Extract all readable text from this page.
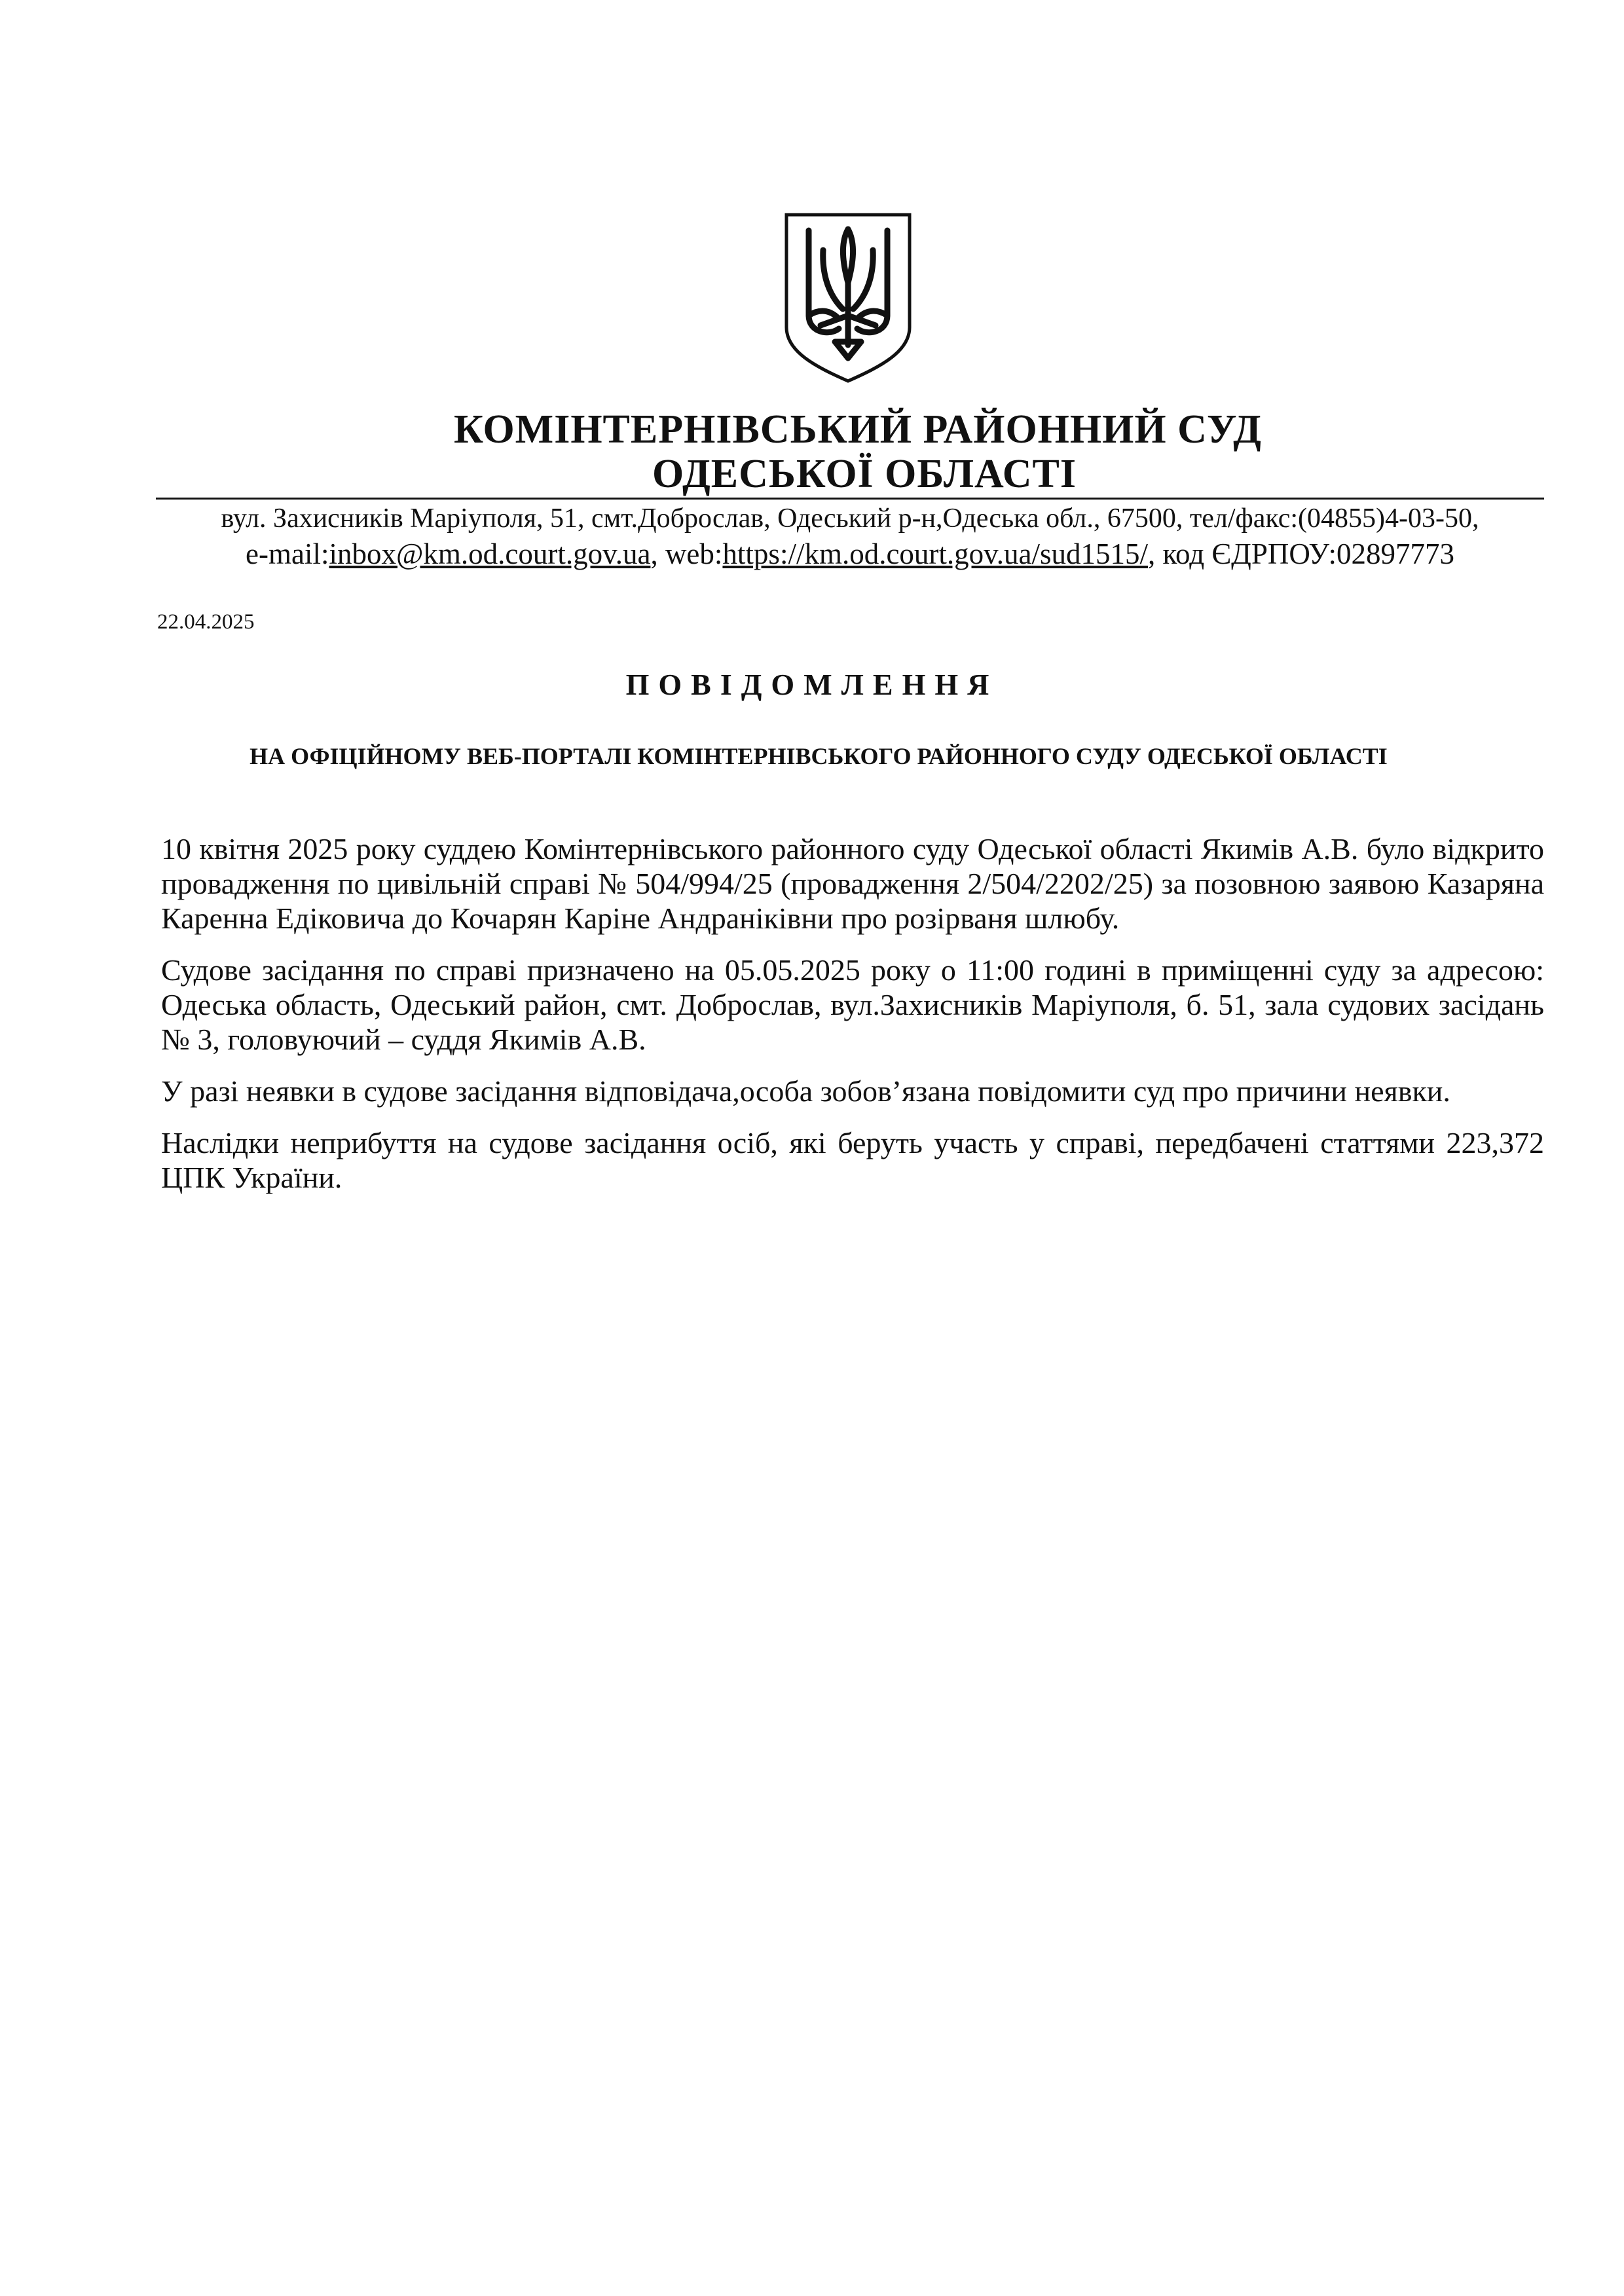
КОМІНТЕРНІВСЬКИЙ РАЙОННИЙ СУД
ОДЕСЬКОЇ ОБЛАСТІ
вул. Захисників Маріуполя, 51, смт.Доброслав, Одеський р-н,Одеська обл., 67500, тел/факс:(04855)4-03-50,
e-mail:inbox@km.od.court.gov.ua, web:https://km.od.court.gov.ua/sud1515/, код ЄДРПОУ:02897773
22.04.2025
ПОВІДОМЛЕННЯ
НА ОФІЦІЙНОМУ ВЕБ-ПОРТАЛІ КОМІНТЕРНІВСЬКОГО РАЙОННОГО СУДУ ОДЕСЬКОЇ ОБЛАСТІ

10 квітня 2025 року суддею Комінтернівського районного суду Одеської області Якимів А.В. було відкрито провадження по цивільній справі № 504/994/25 (провадження 2/504/2202/25) за позовною заявою Казаряна Каренна Едіковича до Кочарян Каріне Андраніківни про розірваня шлюбу.

Судове засідання по справі призначено на 05.05.2025 року о 11:00 годині в приміщенні суду за адресою: Одеська область, Одеський район, смт. Доброслав, вул.Захисників Маріуполя, б. 51, зала судових засідань № 3, головуючий – суддя Якимів А.В.

У разі неявки в судове засідання відповідача,особа зобов’язана повідомити суд про причини неявки.

Наслідки неприбуття на судове засідання осіб, які беруть участь у справі, передбачені статтями 223,372 ЦПК України.
